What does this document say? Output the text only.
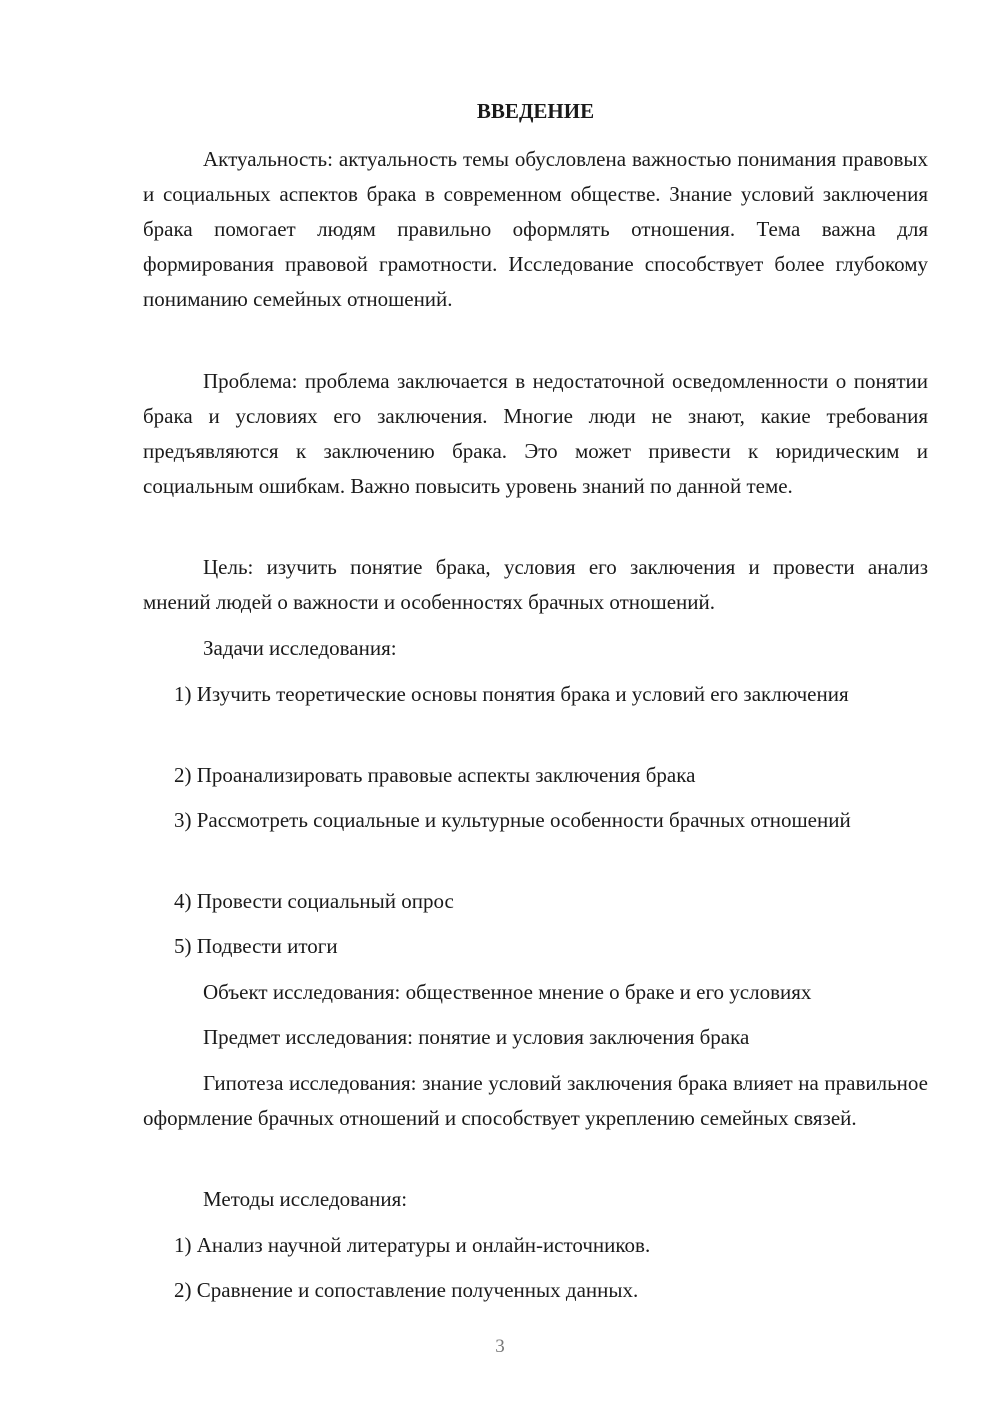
ВВЕДЕНИЕ

Актуальность: актуальность темы обусловлена важностью понимания правовых и социальных аспектов брака в современном обществе. Знание условий заключения брака помогает людям правильно оформлять отношения. Тема важна для формирования правовой грамотности. Исследование способствует более глубокому пониманию семейных отношений.

Проблема: проблема заключается в недостаточной осведомленности о понятии брака и условиях его заключения. Многие люди не знают, какие требования предъявляются к заключению брака. Это может привести к юридическим и социальным ошибкам. Важно повысить уровень знаний по данной теме.

Цель: изучить понятие брака, условия его заключения и провести анализ мнений людей о важности и особенностях брачных отношений.

Задачи исследования:

1) Изучить теоретические основы понятия брака и условий его заключения

2) Проанализировать правовые аспекты заключения брака

3) Рассмотреть социальные и культурные особенности брачных отношений

4) Провести социальный опрос

5) Подвести итоги

Объект исследования: общественное мнение о браке и его условиях

Предмет исследования: понятие и условия заключения брака

Гипотеза исследования: знание условий заключения брака влияет на правильное оформление брачных отношений и способствует укреплению семейных связей.

Методы исследования:

1) Анализ научной литературы и онлайн-источников.

2) Сравнение и сопоставление полученных данных.

3
